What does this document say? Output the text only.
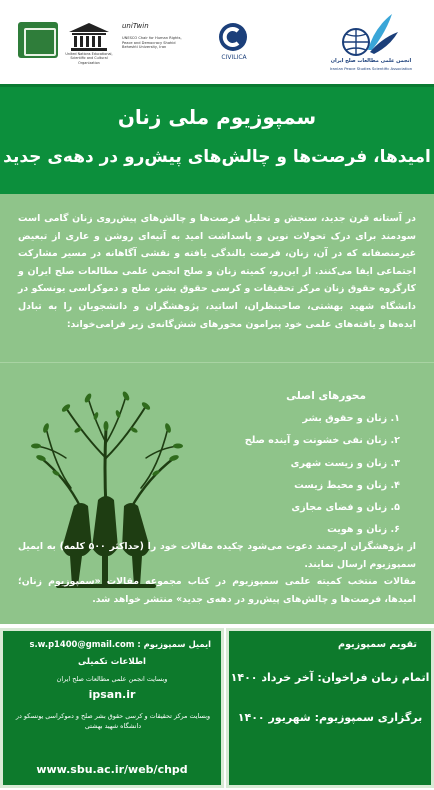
United Nations Educational, Scientific and Cultural Organization
uniTwin
UNESCO Chair for Human Rights, Peace and Democracy Shahid Beheshti University, Iran
CIVILICA	انجمن علمی مطالعات صلح ایران
Iranian Peace Studies Scientific Association
سمپوزیوم ملی زنان
امیدها، فرصت‌ها و چالش‌های پیش‌رو در دهه‌ی جدید
در آستانه قرن جدید، سنجش و تحلیل فرصت‌ها و چالش‌های پیش‌روی زنان گامی است سودمند برای درک تحولات نوین و پاسداشت امید به آتیه‌ای روشن و عاری از تبعیض غیرمنصفانه که در آن، زنان، فرصت بالندگی یافته و نقشی آگاهانه در مسیر مشارکت اجتماعی ایفا می‌کنند. از این‌رو، کمیته زنان و صلح انجمن علمی مطالعات صلح ایران و کارگروه حقوق زنان مرکز تحقیقات و کرسی حقوق بشر، صلح و دموکراسی یونسکو در دانشگاه شهید بهشتی، صاحبنظران، اساتید، پژوهشگران و دانشجویان را به تبادل ایده‌ها و یافته‌های علمی خود پیرامون محورهای شش‌گانه‌ی زیر فرامی‌خواند:
محورهای اصلی
۱. زنان و حقوق بشر
۲. زنان نفی خشونت و آینده صلح
۳. زنان و زیست شهری
۴. زنان و محیط زیست
۵. زنان و فضای مجازی
۶. زنان و هویت

از پژوهشگران ارجمند دعوت می‌شود چکیده مقالات خود را (حداکثر ۵۰۰ کلمه) به ایمیل سمپوزیوم ارسال نمایند.

مقالات منتخب کمیته علمی سمپوزیوم در کتاب مجموعه مقالات «سمپوزیوم زنان؛ امیدها، فرصت‌ها و چالش‌های پیش‌رو در دهه‌ی جدید» منتشر خواهد شد.

ایمیل سمپوزیوم : s.w.p1400@gmail.com
اطلاعات تکمیلی
وبسایت انجمن علمی مطالعات صلح ایران
ipsan.ir
وبسایت مرکز تحقیقات و کرسی حقوق بشر صلح و دموکراسی یونسکو در دانشگاه شهید بهشتی
www.sbu.ac.ir/web/chpd
تقویم سمپوزیوم
اتمام زمان فراخوان: آخر خرداد ۱۴۰۰
برگزاری سمپوزیوم: شهریور ۱۴۰۰
